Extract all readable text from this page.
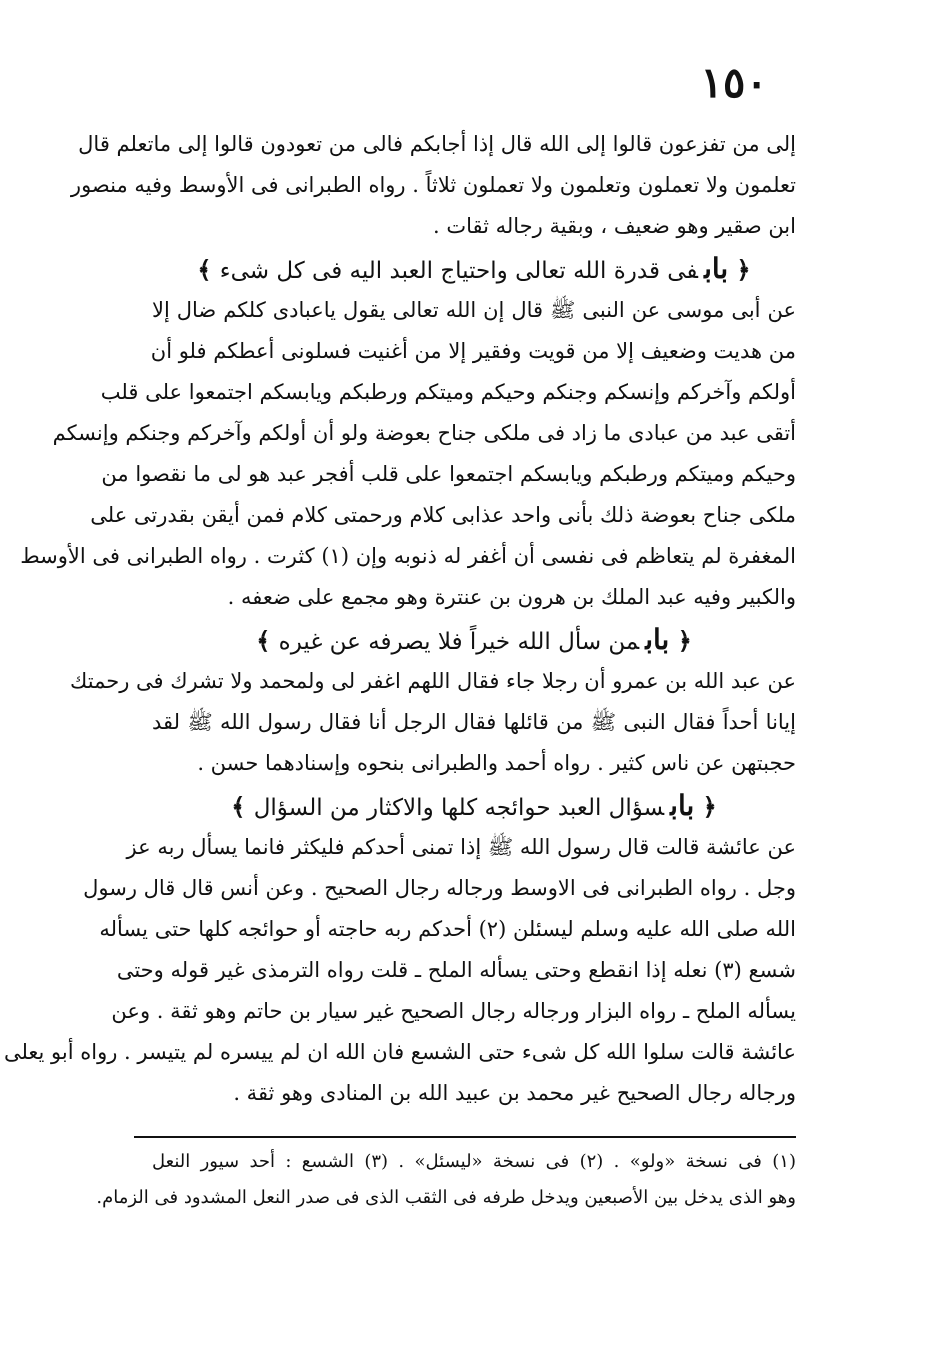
١٥٠
إلى من تفزعون قالوا إلى الله قال إذا أجابكم فالى من تعودون قالوا إلى ماتعلم قال
تعلمون ولا تعملون وتعلمون ولا تعملون ثلاثاً . رواه الطبرانى فى الأوسط وفيه منصور
ابن صقير وهو ضعيف ، وبقية رجاله ثقات .
﴿ بابفى قدرة الله تعالى واحتياج العبد اليه فى كل شىء ﴾
عن أبى موسى عن النبى ﷺ قال إن الله تعالى يقول ياعبادى كلكم ضال إلا
من هديت وضعيف إلا من قويت وفقير إلا من أغنيت فسلونى أعطكم فلو أن
أولكم وآخركم وإنسكم وجنكم وحيكم وميتكم ورطبكم ويابسكم اجتمعوا على قلب
أتقى عبد من عبادى ما زاد فى ملكى جناح بعوضة ولو أن أولكم وآخركم وجنكم وإنسكم
وحيكم وميتكم ورطبكم ويابسكم اجتمعوا على قلب أفجر عبد هو لى ما نقصوا من
ملكى جناح بعوضة ذلك بأنى واحد عذابى كلام ورحمتى كلام فمن أيقن بقدرتى على
المغفرة لم يتعاظم فى نفسى أن أغفر له ذنوبه وإن (١) كثرت . رواه الطبرانى فى الأوسط
والكبير وفيه عبد الملك بن هرون بن عنترة وهو مجمع على ضعفه .
﴿ بابمن سأل الله خيراً فلا يصرفه عن غيره ﴾
عن عبد الله بن عمرو أن رجلا جاء فقال اللهم اغفر لى ولمحمد ولا تشرك فى رحمتك
إيانا أحداً فقال النبى ﷺ من قائلها فقال الرجل أنا فقال رسول الله ﷺ لقد
حجبتهن عن ناس كثير . رواه أحمد والطبرانى بنحوه وإسنادهما حسن .
﴿ بابسؤال العبد حوائجه كلها والاكثار من السؤال ﴾
عن عائشة قالت قال رسول الله ﷺ إذا تمنى أحدكم فليكثر فانما يسأل ربه عز
وجل . رواه الطبرانى فى الاوسط ورجاله رجال الصحيح . وعن أنس قال قال رسول
الله صلى الله عليه وسلم ليسئلن (٢) أحدكم ربه حاجته أو حوائجه كلها حتى يسأله
شسع (٣) نعله إذا انقطع وحتى يسأله الملح ـ قلت رواه الترمذى غير قوله وحتى
يسأله الملح ـ رواه البزار ورجاله رجال الصحيح غير سيار بن حاتم وهو ثقة . وعن
عائشة قالت سلوا الله كل شىء حتى الشسع فان الله ان لم ييسره لم يتيسر . رواه أبو يعلى
ورجاله رجال الصحيح غير محمد بن عبيد الله بن المنادى وهو ثقة .
(١) فى نسخة «ولو» . (٢) فى نسخة «ليسئل» . (٣) الشسع : أحد سيور النعل
وهو الذى يدخل بين الأصبعين ويدخل طرفه فى الثقب الذى فى صدر النعل المشدود فى الزمام.
